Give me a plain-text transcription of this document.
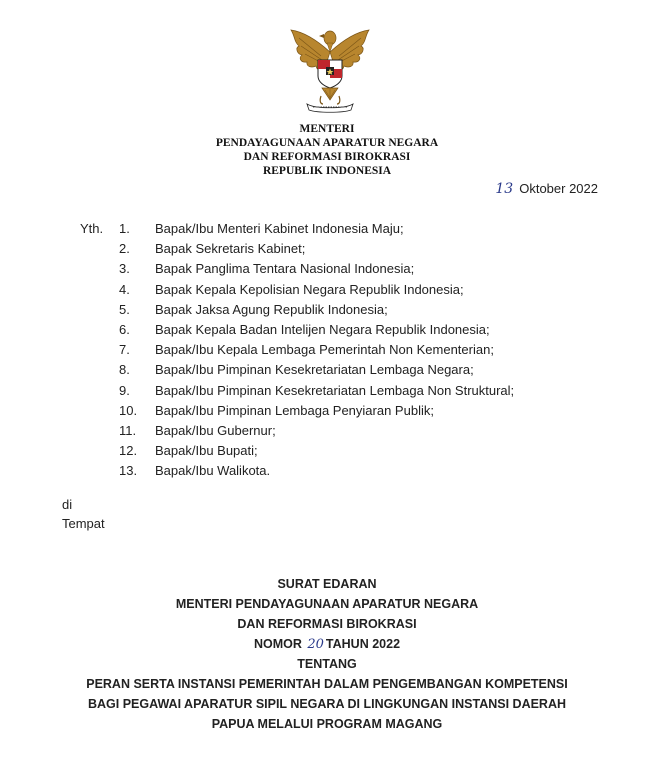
MENTERI
PENDAYAGUNAAN APARATUR NEGARA
DAN REFORMASI BIROKRASI
REPUBLIK INDONESIA
13 Oktober 2022
Yth. 1.	Bapak/Ibu Menteri Kabinet Indonesia Maju;
2.	Bapak Sekretaris Kabinet;
3.	Bapak Panglima Tentara Nasional Indonesia;
4.	Bapak Kepala Kepolisian Negara Republik Indonesia;
5.	Bapak Jaksa Agung Republik Indonesia;
6.	Bapak Kepala Badan Intelijen Negara Republik Indonesia;
7.	Bapak/Ibu Kepala Lembaga Pemerintah Non Kementerian;
8.	Bapak/Ibu Pimpinan Kesekretariatan Lembaga Negara;
9.	Bapak/Ibu Pimpinan Kesekretariatan Lembaga Non Struktural;
10.	Bapak/Ibu Pimpinan Lembaga Penyiaran Publik;
11.	Bapak/Ibu Gubernur;
12.	Bapak/Ibu Bupati;
13.	Bapak/Ibu Walikota.
di
Tempat
SURAT EDARAN
MENTERI PENDAYAGUNAAN APARATUR NEGARA
DAN REFORMASI BIROKRASI
NOMOR 20 TAHUN 2022
TENTANG
PERAN SERTA INSTANSI PEMERINTAH DALAM PENGEMBANGAN KOMPETENSI
BAGI PEGAWAI APARATUR SIPIL NEGARA DI LINGKUNGAN INSTANSI DAERAH
PAPUA MELALUI PROGRAM MAGANG
